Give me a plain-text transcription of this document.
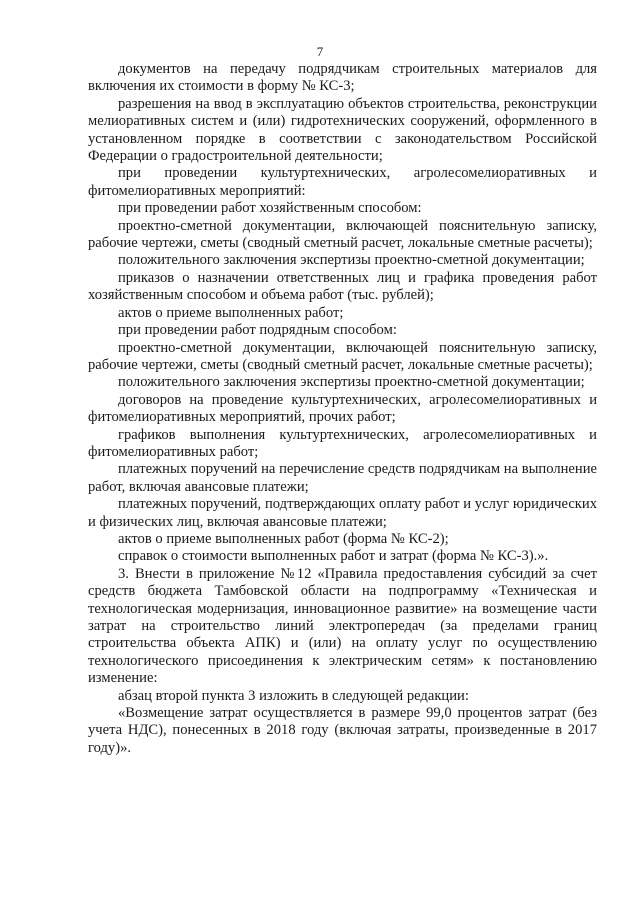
7

документов на передачу подрядчикам строительных материалов для включения их стоимости в форму № КС-3;

разрешения на ввод в эксплуатацию объектов строительства, реконструкции мелиоративных систем и (или) гидротехнических сооружений, оформленного в установленном порядке в соответствии с законодательством Российской Федерации о градостроительной деятельности;

при проведении культуртехнических, агролесомелиоративных и фитомелиоративных мероприятий:

при проведении работ хозяйственным способом:

проектно-сметной документации, включающей пояснительную записку, рабочие чертежи, сметы (сводный сметный расчет, локальные сметные расчеты);

положительного заключения экспертизы проектно-сметной документации;

приказов о назначении ответственных лиц и графика проведения работ хозяйственным способом и объема работ (тыс. рублей);

актов о приеме выполненных работ;

при проведении работ подрядным способом:

проектно-сметной документации, включающей пояснительную записку, рабочие чертежи, сметы (сводный сметный расчет, локальные сметные расчеты);

положительного заключения экспертизы проектно-сметной документации;

договоров на проведение культуртехнических, агролесомелиоративных и фитомелиоративных мероприятий, прочих работ;

графиков выполнения культуртехнических, агролесомелиоративных и фитомелиоративных работ;

платежных поручений на перечисление средств подрядчикам на выполнение работ, включая авансовые платежи;

платежных поручений, подтверждающих оплату работ и услуг юридических и физических лиц, включая авансовые платежи;

актов о приеме выполненных работ (форма № КС-2);

справок о стоимости выполненных работ и затрат (форма № КС-3).».

3. Внести в приложение №12 «Правила предоставления субсидий за счет средств бюджета Тамбовской области на подпрограмму «Техническая и технологическая модернизация, инновационное развитие» на возмещение части затрат на строительство линий электропередач (за пределами границ строительства объекта АПК) и (или) на оплату услуг по осуществлению технологического присоединения к электрическим сетям» к постановлению изменение:

абзац второй пункта 3 изложить в следующей редакции:

«Возмещение затрат осуществляется в размере 99,0 процентов затрат (без учета НДС), понесенных в 2018 году (включая затраты, произведенные в 2017 году)».
